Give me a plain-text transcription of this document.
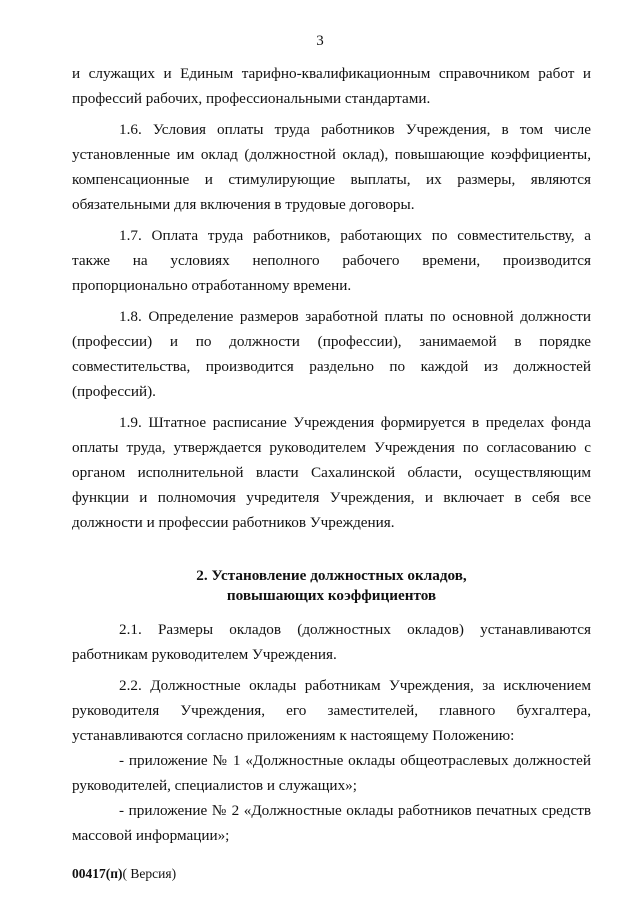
3

и служащих и Единым тарифно-квалификационным справочником работ и профессий рабочих, профессиональными стандартами.

1.6. Условия оплаты труда работников Учреждения, в том числе установленные им оклад (должностной оклад), повышающие коэффициенты, компенсационные и стимулирующие выплаты, их размеры, являются обязательными для включения в трудовые договоры.

1.7. Оплата труда работников, работающих по совместительству, а также на условиях неполного рабочего времени, производится пропорционально отработанному времени.

1.8. Определение размеров заработной платы по основной должности (профессии) и по должности (профессии), занимаемой в порядке совместительства, производится раздельно по каждой из должностей (профессий).

1.9. Штатное расписание Учреждения формируется в пределах фонда оплаты труда, утверждается руководителем Учреждения по согласованию с органом исполнительной власти Сахалинской области, осуществляющим функции и полномочия учредителя Учреждения, и включает в себя все должности и профессии работников Учреждения.

2. Установление должностных окладов,
повышающих коэффициентов

2.1. Размеры окладов (должностных окладов) устанавливаются работникам руководителем Учреждения.

2.2. Должностные оклады работникам Учреждения, за исключением руководителя Учреждения, его заместителей, главного бухгалтера, устанавливаются согласно приложениям к настоящему Положению:

- приложение № 1 «Должностные оклады общеотраслевых должностей руководителей, специалистов и служащих»;

- приложение № 2 «Должностные оклады работников печатных средств массовой информации»;

00417(п)( Версия)
